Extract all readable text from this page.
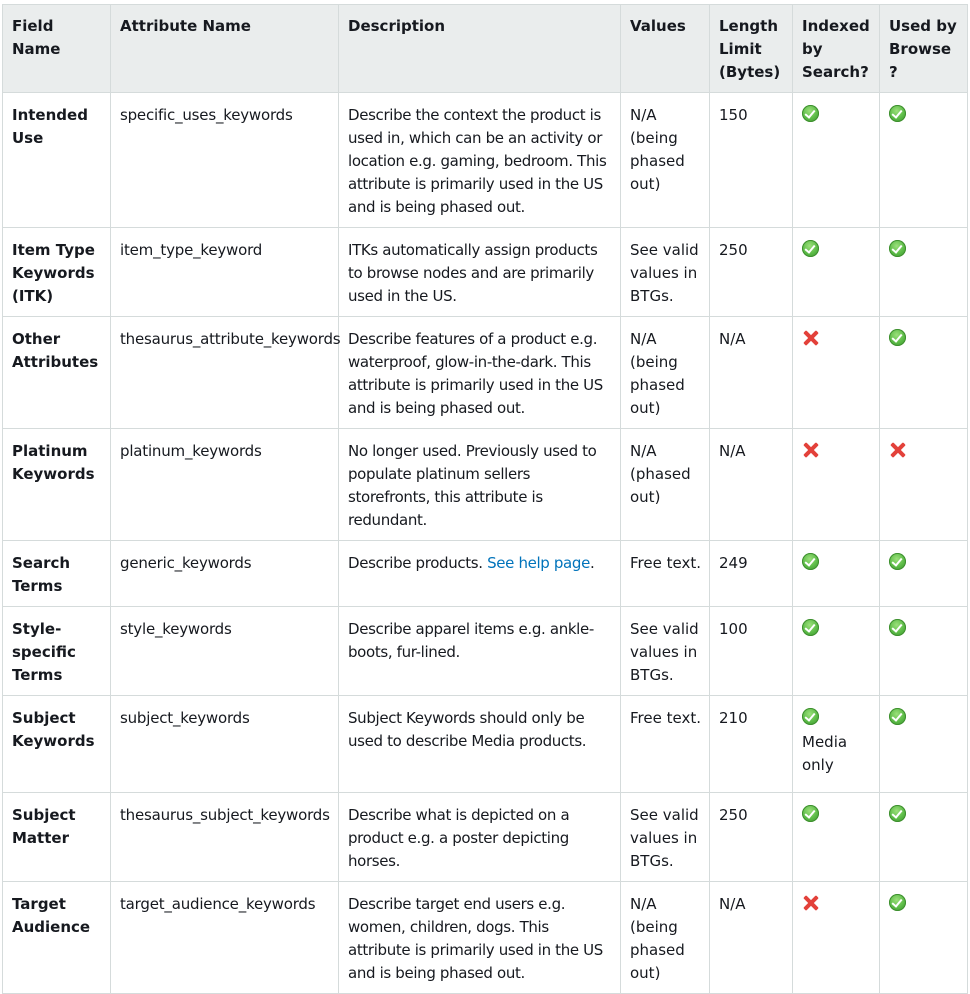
Field Name	Attribute Name	Description	Values	Length Limit (Bytes)	Indexed by Search?	Used by Browse?
Intended Use	specific_uses_keywords	Describe the context the product is used in, which can be an activity or location e.g. gaming, bedroom. This attribute is primarily used in the US and is being phased out.	N/A (being phased out)	150		
Item Type Keywords (ITK)	item_type_keyword	ITKs automatically assign products to browse nodes and are primarily used in the US.	See valid values in BTGs.	250		
Other Attributes	thesaurus_attribute_keywords	Describe features of a product e.g. waterproof, glow-in-the-dark. This attribute is primarily used in the US and is being phased out.	N/A (being phased out)	N/A		
Platinum Keywords	platinum_keywords	No longer used. Previously used to populate platinum sellers storefronts, this attribute is redundant.	N/A (phased out)	N/A		
Search Terms	generic_keywords	Describe products. See help page.	Free text.	249		
Style-specific Terms	style_keywords	Describe apparel items e.g. ankle-boots, fur-lined.	See valid values in BTGs.	100		
Subject Keywords	subject_keywords	Subject Keywords should only be used to describe Media products.	Free text.	210	Media only	

Subject Matter	thesaurus_subject_keywords	Describe what is depicted on a product e.g. a poster depicting horses.	See valid values in BTGs.	250		
Target Audience	target_audience_keywords	Describe target end users e.g. women, children, dogs. This attribute is primarily used in the US and is being phased out.	N/A (being phased out)	N/A		
